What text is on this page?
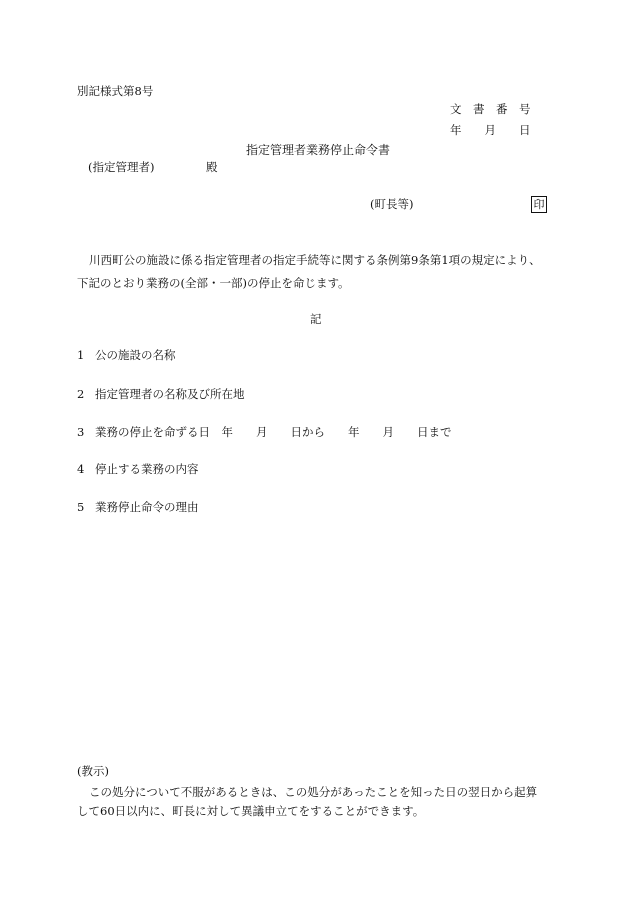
別記様式第8号
文　書　番　号
年　　月　　日
指定管理者業務停止命令書
(指定管理者)	殿
(町長等)	印

川西町公の施設に係る指定管理者の指定手続等に関する条例第9条第1項の規定により、

下記のとおり業務の(全部・一部)の停止を命じます。

記
1 公の施設の名称
2 指定管理者の名称及び所在地
3 業務の停止を命ずる日　年　　月　　日から　　年　　月　　日まで
4 停止する業務の内容
5 業務停止命令の理由
(教示)
この処分について不服があるときは、この処分があったことを知った日の翌日から起算
して60日以内に、町長に対して異議申立てをすることができます。
